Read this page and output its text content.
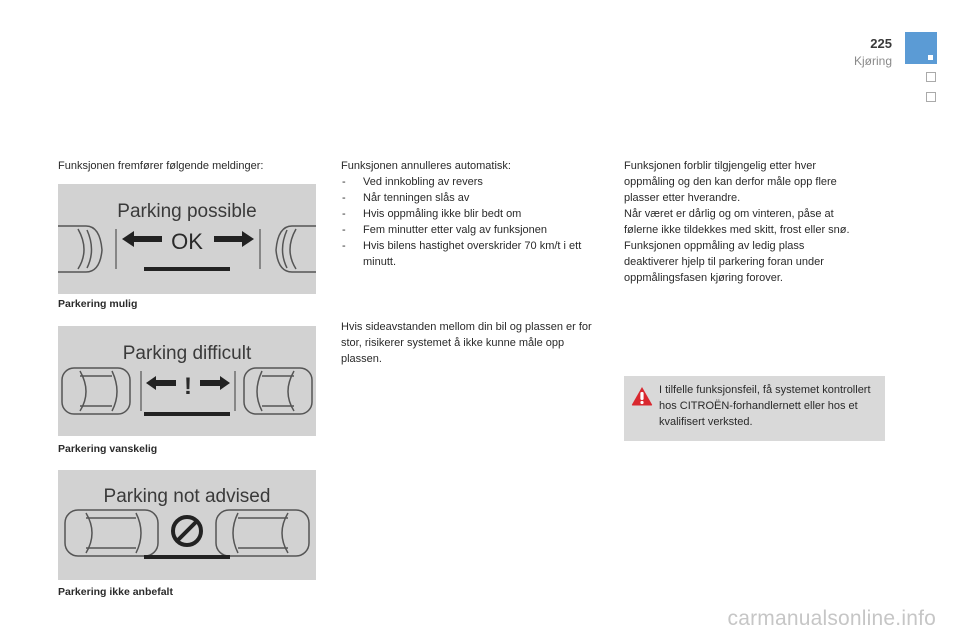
225
Kjøring
Funksjonen fremfører følgende meldinger:
Parking possible
OK
Parkering mulig
Parking difficult
!
Parkering vanskelig
Parking not advised
Parkering ikke anbefalt
Funksjonen annulleres automatisk:
- Ved innkobling av revers
- Når tenningen slås av
- Hvis oppmåling ikke blir bedt om
- Fem minutter etter valg av funksjonen
- Hvis bilens hastighet overskrider 70 km/t i ett minutt.
Hvis sideavstanden mellom din bil og plassen er for stor, risikerer systemet å ikke kunne måle opp plassen.
Funksjonen forblir tilgjengelig etter hver
oppmåling og den kan derfor måle opp flere
plasser etter hverandre.
Når været er dårlig og om vinteren, påse at
følerne ikke tildekkes med skitt, frost eller snø.
Funksjonen oppmåling av ledig plass
deaktiverer hjelp til parkering foran under
oppmålingsfasen kjøring forover.
I tilfelle funksjonsfeil, få systemet kontrollert hos CITROËN-forhandlernett eller hos et kvalifisert verksted.
carmanualsonline.info
